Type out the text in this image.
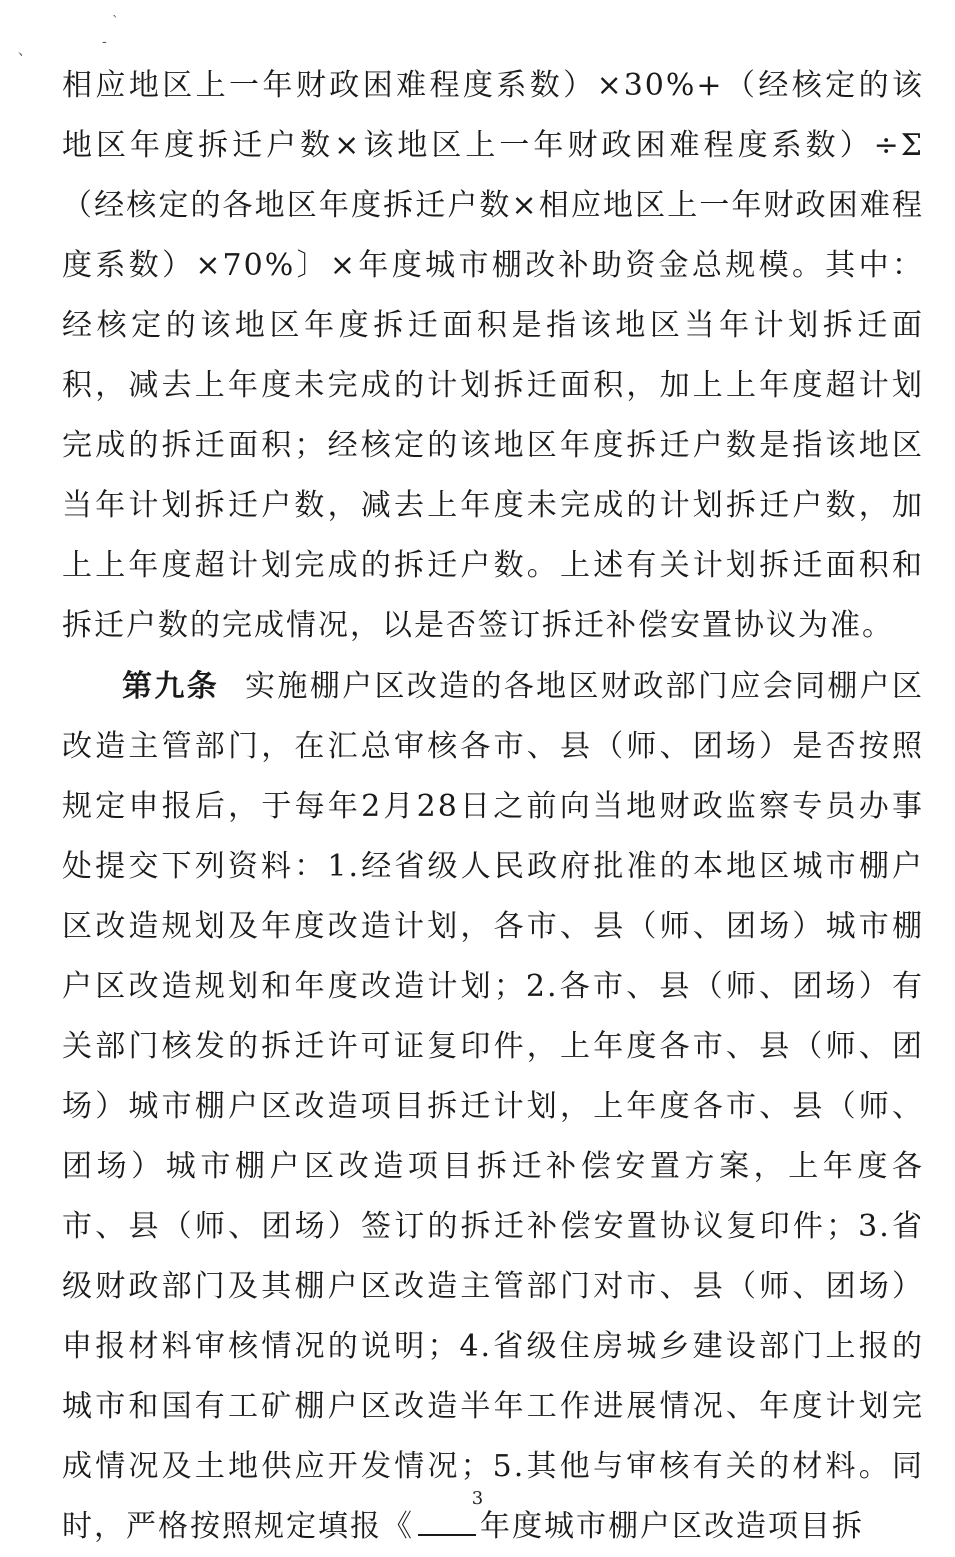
、
`
-

相应地区上一年财政困难程度系数）×30%+（经核定的该地区年度拆迁户数×该地区上一年财政困难程度系数）÷Σ（经核定的各地区年度拆迁户数×相应地区上一年财政困难程度系数）×70%〕×年度城市棚改补助资金总规模。其中：经核定的该地区年度拆迁面积是指该地区当年计划拆迁面积，减去上年度未完成的计划拆迁面积，加上上年度超计划完成的拆迁面积；经核定的该地区年度拆迁户数是指该地区当年计划拆迁户数，减去上年度未完成的计划拆迁户数，加上上年度超计划完成的拆迁户数。上述有关计划拆迁面积和拆迁户数的完成情况，以是否签订拆迁补偿安置协议为准。

第九条 实施棚户区改造的各地区财政部门应会同棚户区改造主管部门，在汇总审核各市、县（师、团场）是否按照规定申报后，于每年2月28日之前向当地财政监察专员办事处提交下列资料：1.经省级人民政府批准的本地区城市棚户区改造规划及年度改造计划，各市、县（师、团场）城市棚户区改造规划和年度改造计划；2.各市、县（师、团场）有关部门核发的拆迁许可证复印件，上年度各市、县（师、团场）城市棚户区改造项目拆迁计划，上年度各市、县（师、团场）城市棚户区改造项目拆迁补偿安置方案，上年度各市、县（师、团场）签订的拆迁补偿安置协议复印件；3.省级财政部门及其棚户区改造主管部门对市、县（师、团场）申报材料审核情况的说明；4.省级住房城乡建设部门上报的城市和国有工矿棚户区改造半年工作进展情况、年度计划完成情况及土地供应开发情况；5.其他与审核有关的材料。同时，严格按照规定填报《 年度城市棚户区改造项目拆

3
